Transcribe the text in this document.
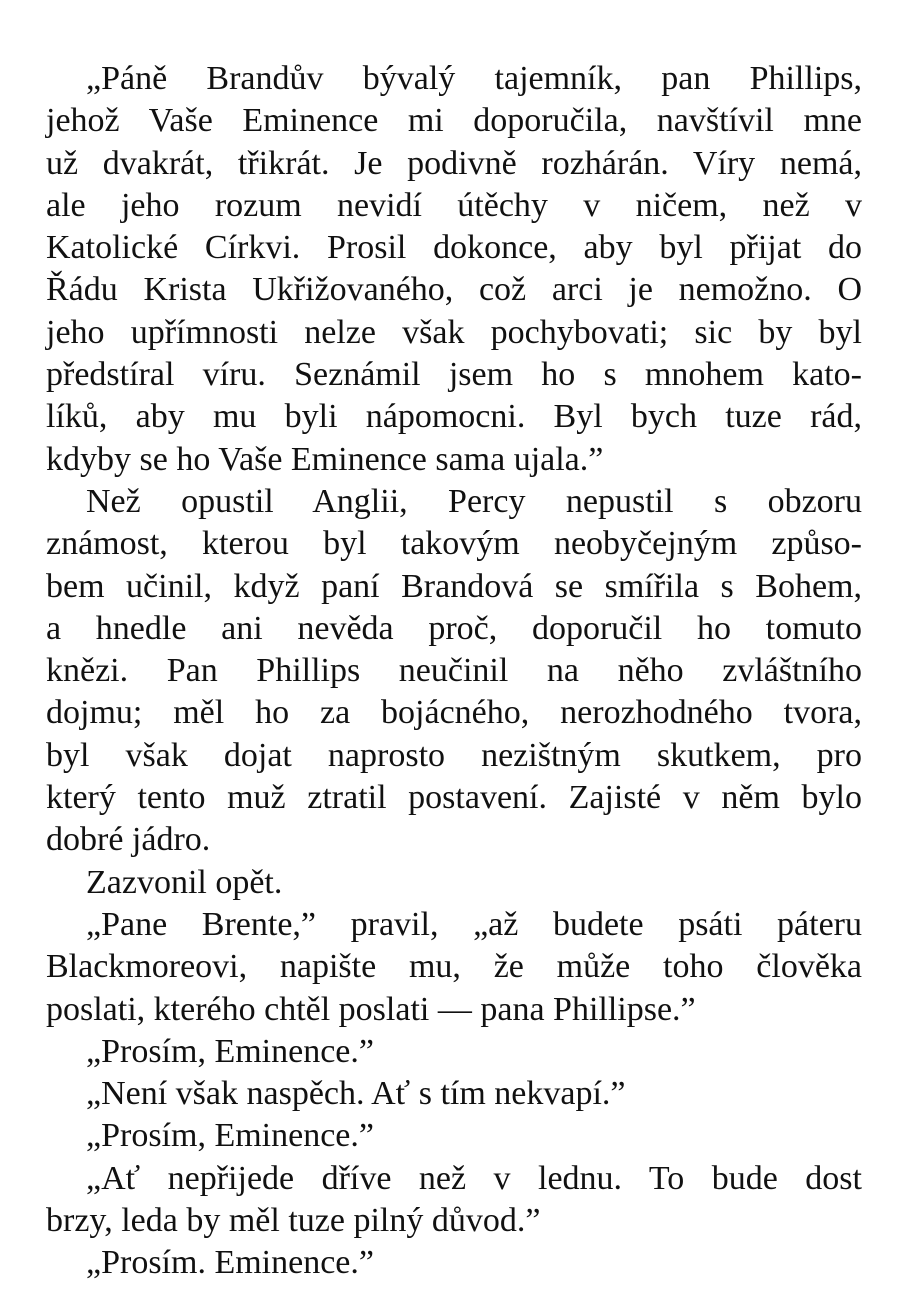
„Páně Brandův bývalý tajemník, pan Phillips,
jehož Vaše Eminence mi doporučila, navštívil mne
už dvakrát, třikrát. Je podivně rozhárán. Víry nemá,
ale jeho rozum nevidí útěchy v ničem, než v
Katolické Církvi. Prosil dokonce, aby byl přijat do
Řádu Krista Ukřižovaného, což arci je nemožno. O
jeho upřímnosti nelze však pochybovati; sic by byl
předstíral víru. Seznámil jsem ho s mnohem kato-
líků, aby mu byli nápomocni. Byl bych tuze rád,
kdyby se ho Vaše Eminence sama ujala.”
Než opustil Anglii, Percy nepustil s obzoru
známost, kterou byl takovým neobyčejným způso-
bem učinil, když paní Brandová se smířila s Bohem,
a hnedle ani nevěda proč, doporučil ho tomuto
knězi. Pan Phillips neučinil na něho zvláštního
dojmu; měl ho za bojácného, nerozhodného tvora,
byl však dojat naprosto nezištným skutkem, pro
který tento muž ztratil postavení. Zajisté v něm bylo
dobré jádro.
Zazvonil opět.
„Pane Brente,” pravil, „až budete psáti páteru
Blackmoreovi, napište mu, že může toho člověka
poslati, kterého chtěl poslati — pana Phillipse.”
„Prosím, Eminence.”
„Není však naspěch. Ať s tím nekvapí.”
„Prosím, Eminence.”
„Ať nepřijede dříve než v lednu. To bude dost
brzy, leda by měl tuze pilný důvod.”
„Prosím. Eminence.”
